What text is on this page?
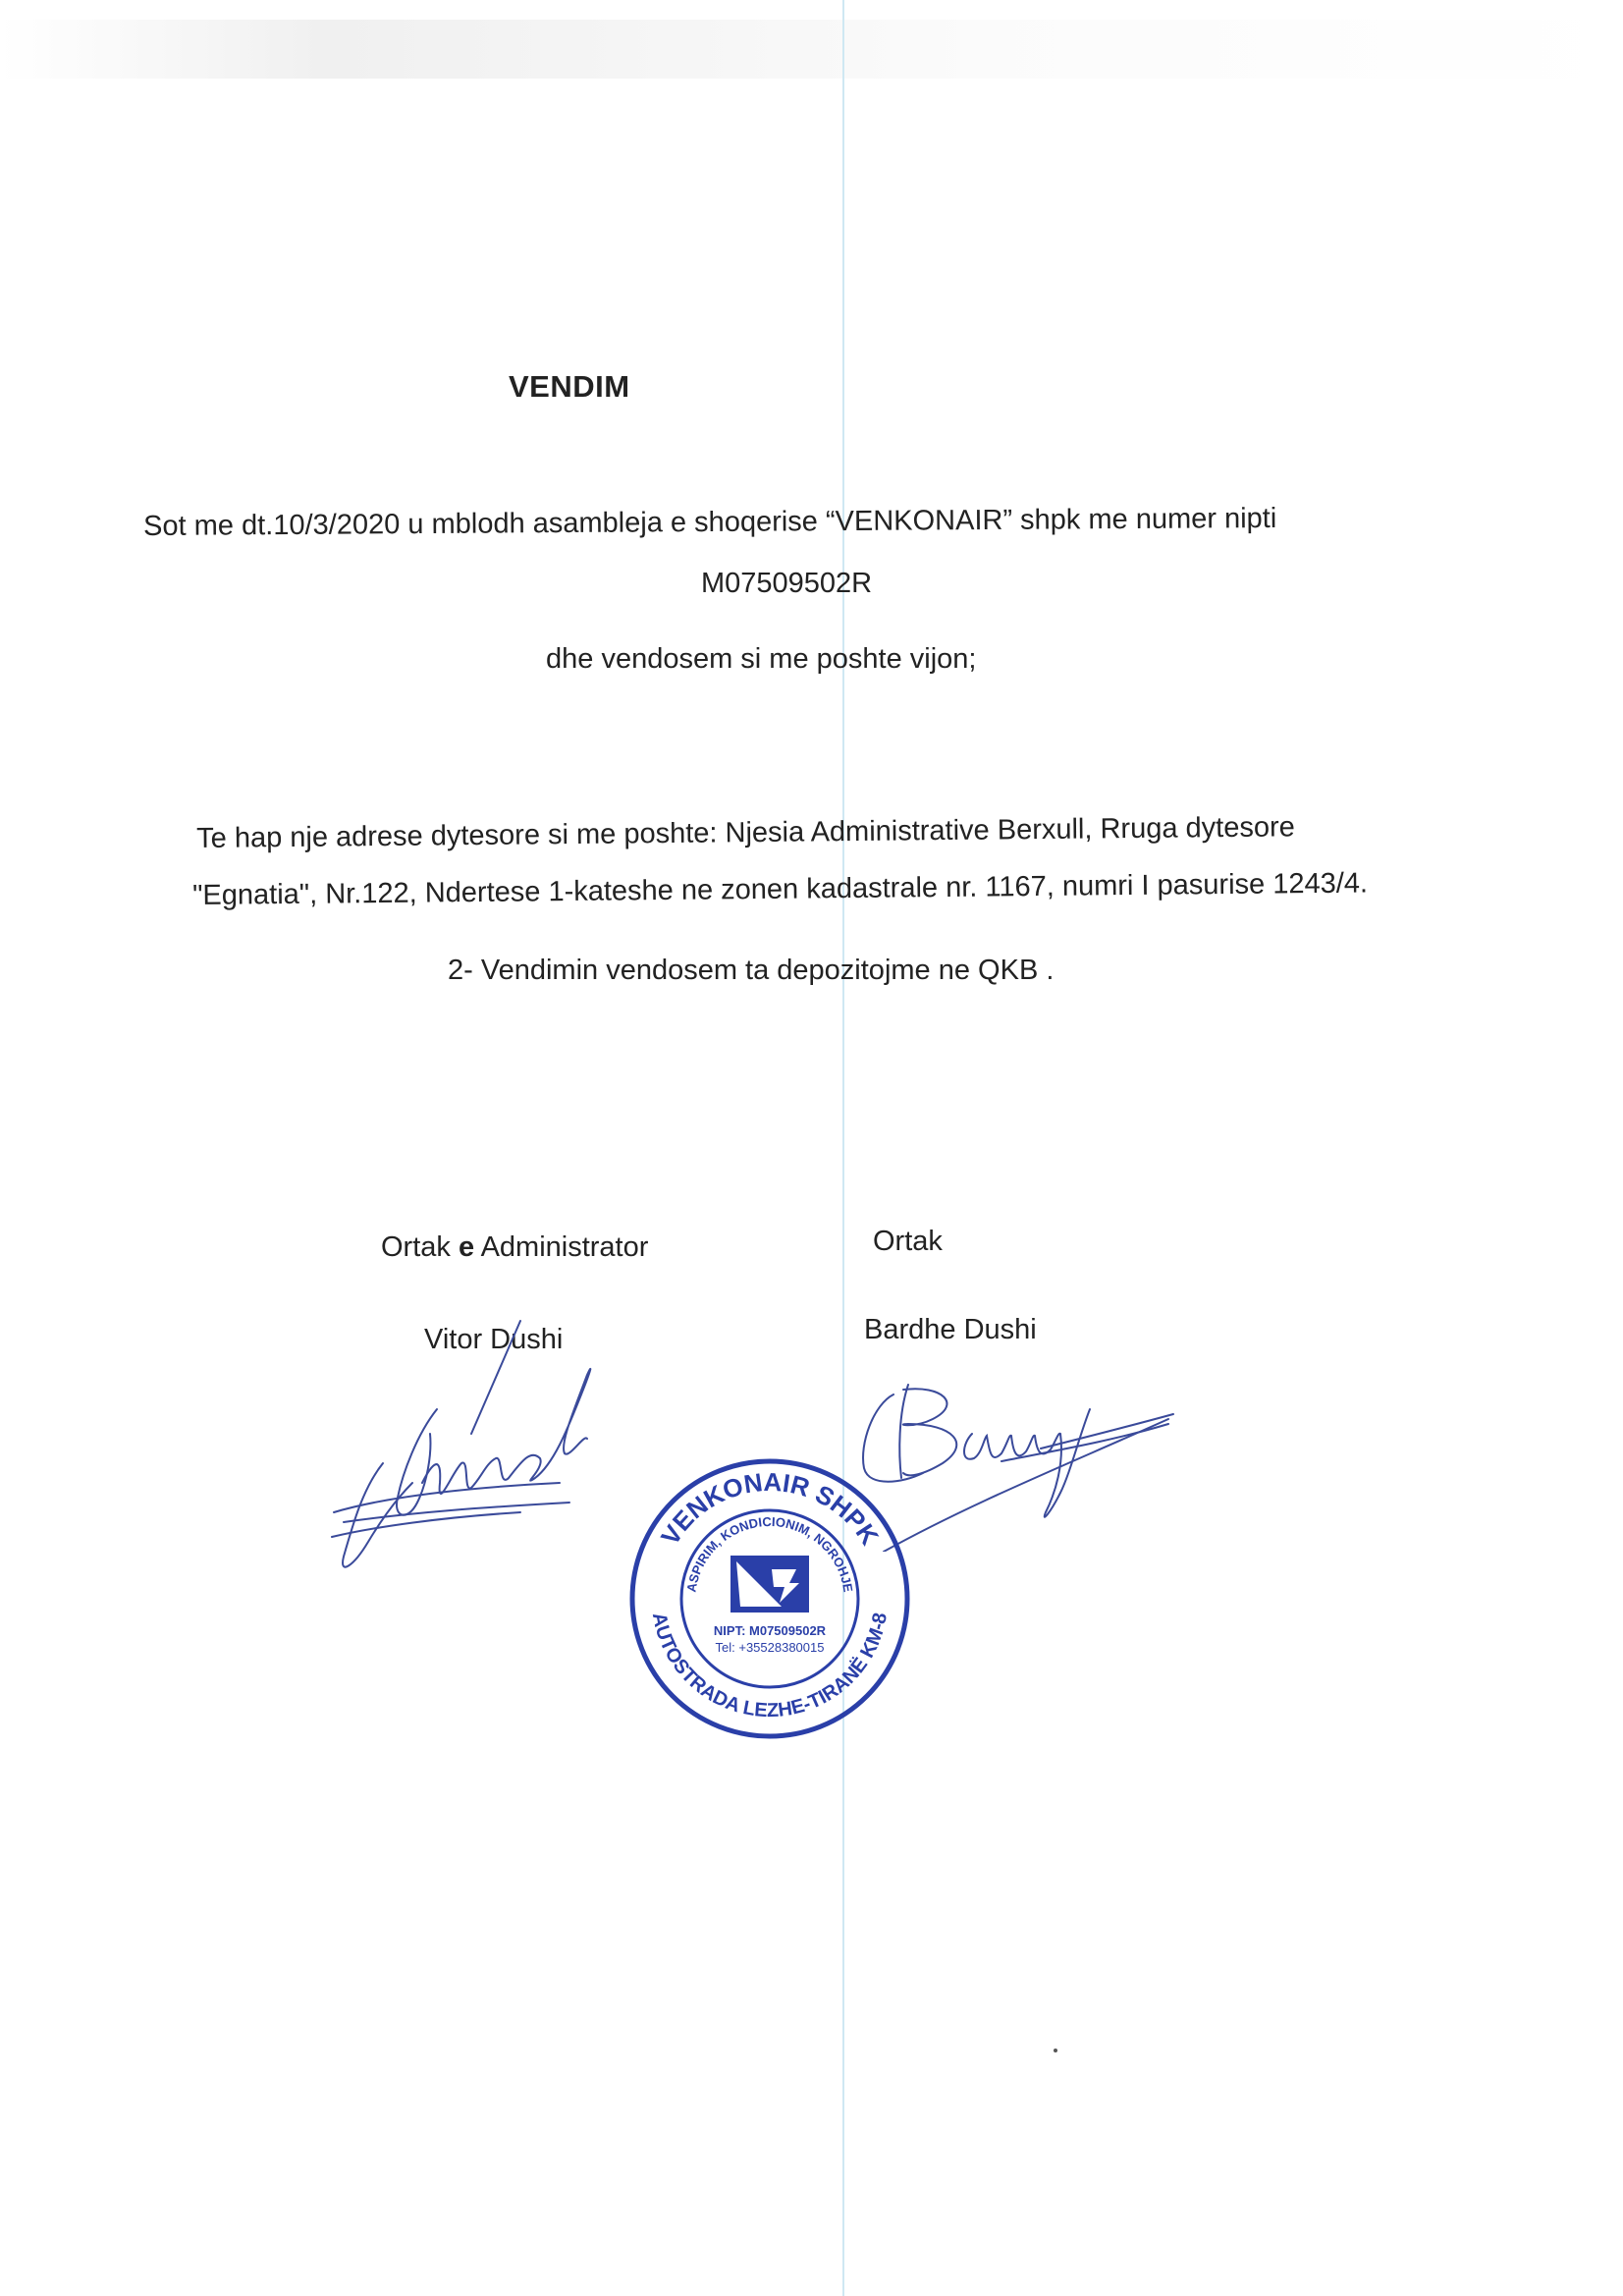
VENDIM
Sot me dt.10/3/2020 u mblodh asambleja e shoqerise “VENKONAIR” shpk me numer nipti
M07509502R
dhe vendosem si me poshte vijon;
Te hap nje adrese dytesore si me poshte: Njesia Administrative Berxull, Rruga dytesore
"Egnatia", Nr.122, Ndertese 1-kateshe ne zonen kadastrale nr. 1167, numri I pasurise 1243/4.
2- Vendimin vendosem ta depozitojme ne QKB .
Ortak e Administrator	Ortak
Vitor Dushi	Bardhe Dushi
VENKONAIR SHPK
ASPIRIM, KONDICIONIM, NGROHJE
AUTOSTRADA LEZHE-TIRANË KM-8
NIPT: M07509502R
Tel: +35528380015
